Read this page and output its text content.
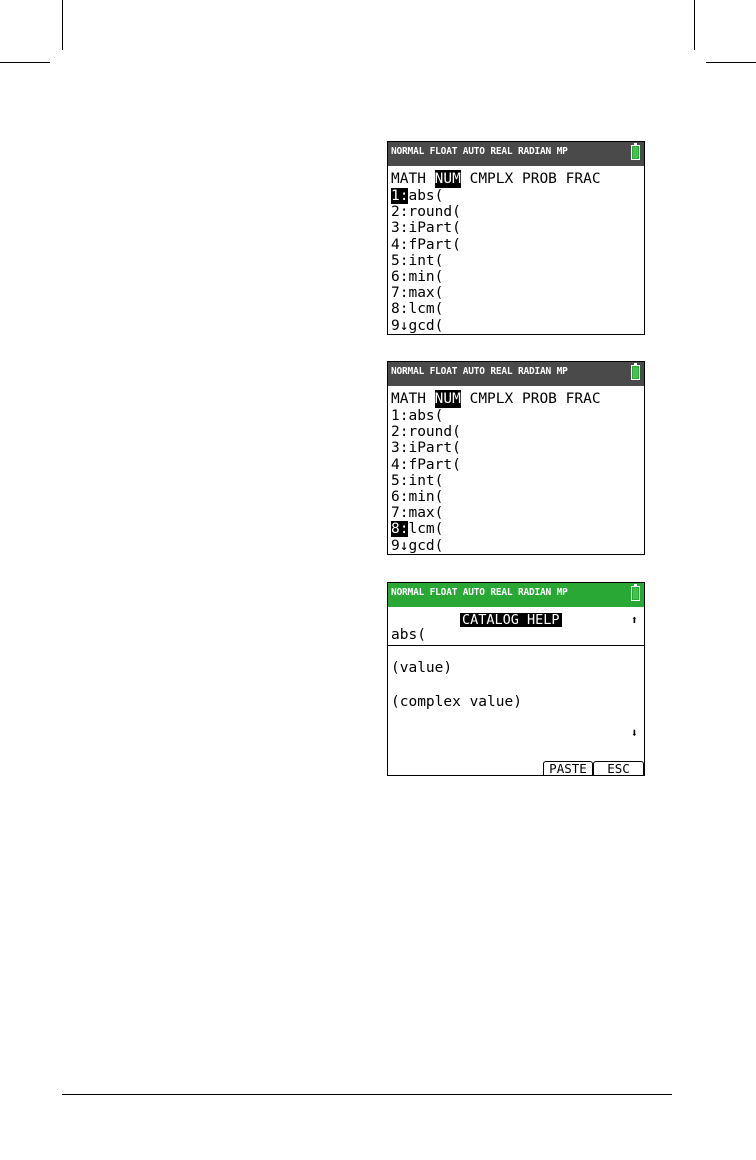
NORMAL FLOAT AUTO REAL RADIAN MP
MATH NUM CMPLX PROB FRAC
1:abs(
2:round(
3:iPart(
4:fPart(
5:int(
6:min(
7:max(
8:lcm(
9↓gcd(
NORMAL FLOAT AUTO REAL RADIAN MP
MATH NUM CMPLX PROB FRAC
1:abs(
2:round(
3:iPart(
4:fPart(
5:int(
6:min(
7:max(
8:lcm(
9↓gcd(
NORMAL FLOAT AUTO REAL RADIAN MP
CATALOG HELP	⬆
abs(
(value)
(complex value)
⬇
PASTE	ESC
